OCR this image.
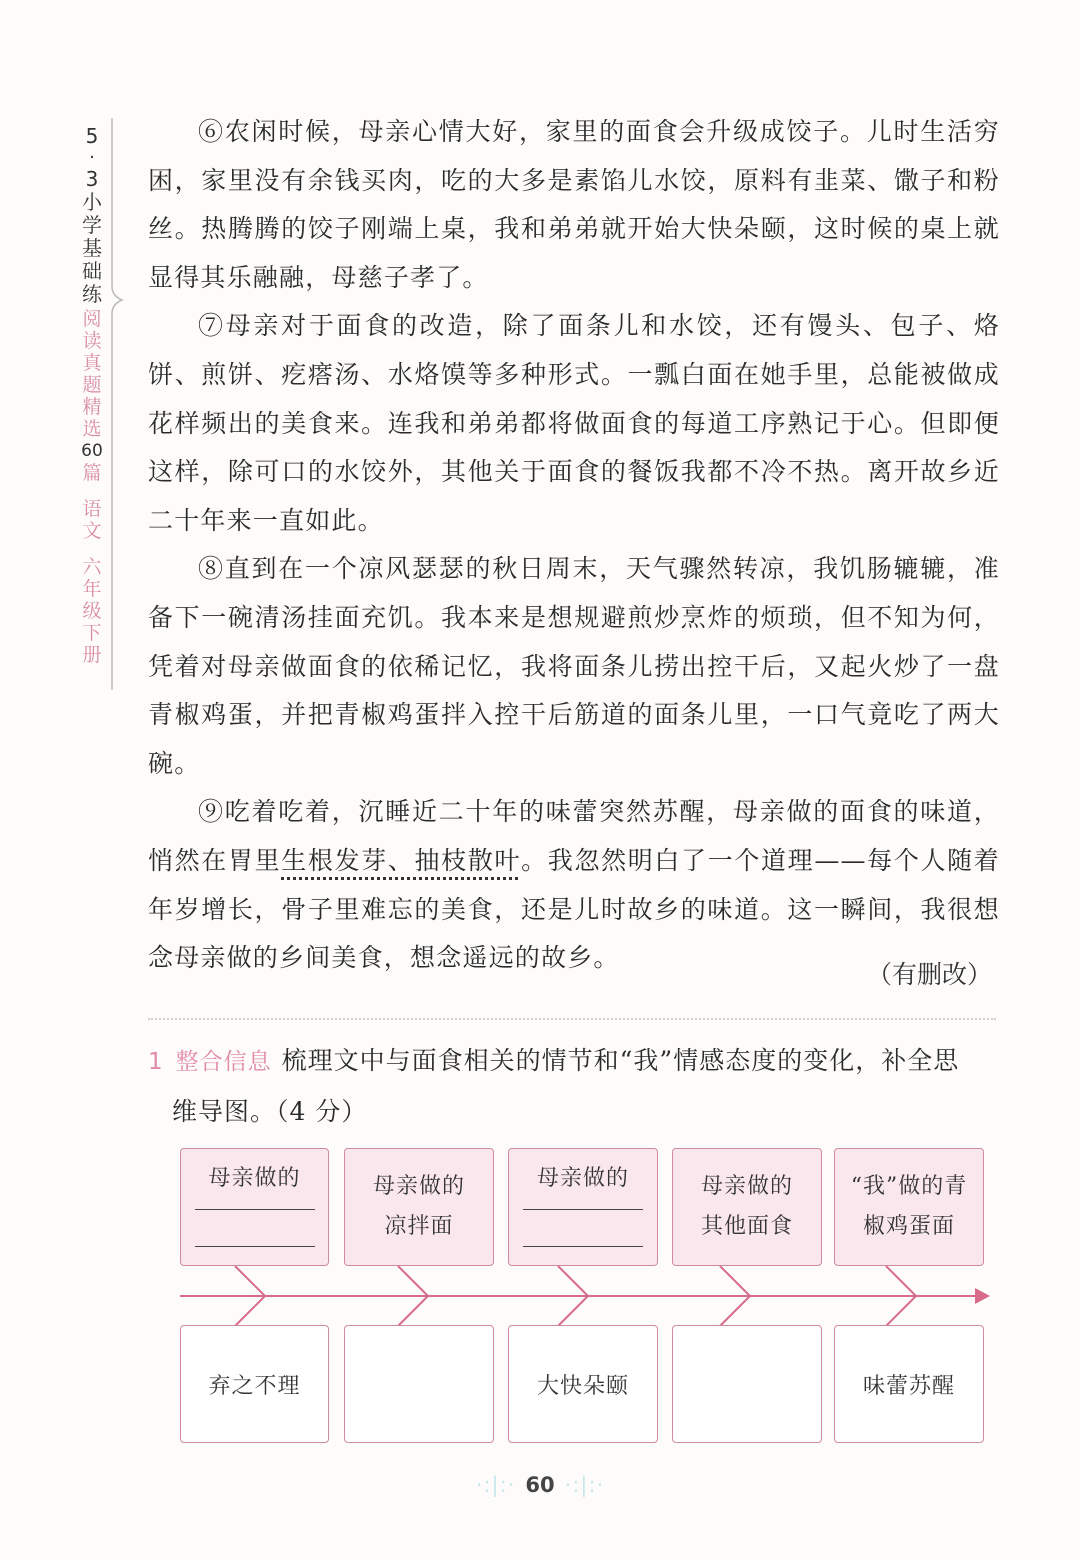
5
·
3
小
学
基
础
练
阅
读
真
题
精
选
60
篇
语
文
六
年
级
下
册

⑥农闲时候，母亲心情大好，家里的面食会升级成饺子。儿时生活穷困，家里没有余钱买肉，吃的大多是素馅儿水饺，原料有韭菜、馓子和粉丝。热腾腾的饺子刚端上桌，我和弟弟就开始大快朵颐，这时候的桌上就显得其乐融融，母慈子孝了。

⑦母亲对于面食的改造，除了面条儿和水饺，还有馒头、包子、烙饼、煎饼、疙瘩汤、水烙馍等多种形式。一瓢白面在她手里，总能被做成花样频出的美食来。连我和弟弟都将做面食的每道工序熟记于心。但即便这样，除可口的水饺外，其他关于面食的餐饭我都不冷不热。离开故乡近二十年来一直如此。

⑧直到在一个凉风瑟瑟的秋日周末，天气骤然转凉，我饥肠辘辘，准备下一碗清汤挂面充饥。我本来是想规避煎炒烹炸的烦琐，但不知为何，凭着对母亲做面食的依稀记忆，我将面条儿捞出控干后，又起火炒了一盘青椒鸡蛋，并把青椒鸡蛋拌入控干后筋道的面条儿里，一口气竟吃了两大碗。

⑨吃着吃着，沉睡近二十年的味蕾突然苏醒，母亲做的面食的味道，悄然在胃里生根发芽、抽枝散叶。我忽然明白了一个道理——每个人随着年岁增长，骨子里难忘的美食，还是儿时故乡的味道。这一瞬间，我很想念母亲做的乡间美食，想念遥远的故乡。

（有删改）
1 整合信息 梳理文中与面食相关的情节和“我”情感态度的变化，补全思
维导图。（4 分）
母亲做的	母亲做的
凉拌面
母亲做的	母亲做的
其他面食
“我”做的青
椒鸡蛋面
弃之不理	大快朵颐	味蕾苏醒
·:|:· 60 ·:|:·
